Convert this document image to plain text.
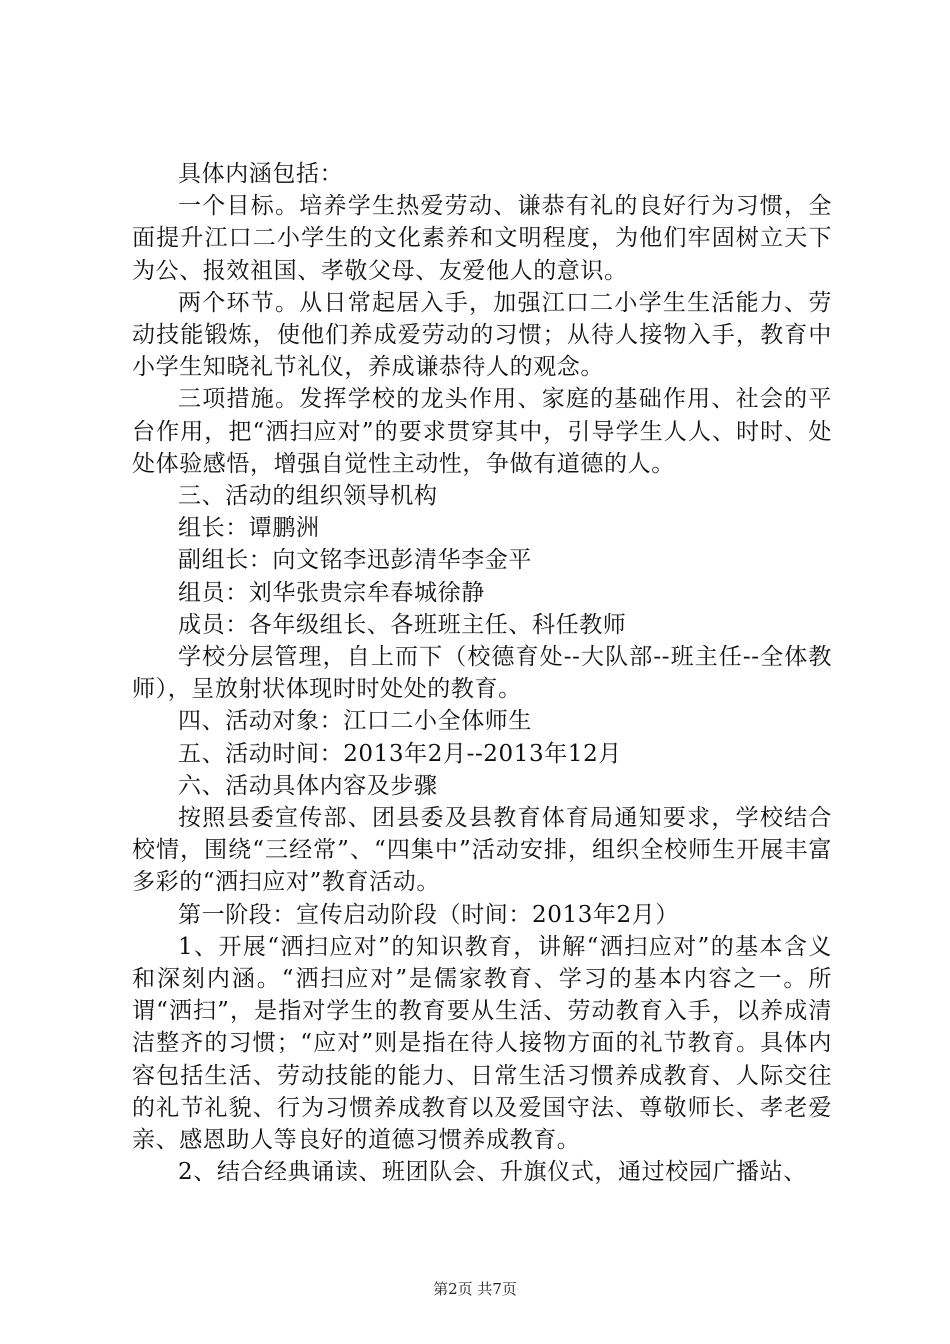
具体内涵包括：

一个目标。培养学生热爱劳动、谦恭有礼的良好行为习惯，全面提升江口二小学生的文化素养和文明程度，为他们牢固树立天下为公、报效祖国、孝敬父母、友爱他人的意识。

两个环节。从日常起居入手，加强江口二小学生生活能力、劳动技能锻炼，使他们养成爱劳动的习惯；从待人接物入手，教育中小学生知晓礼节礼仪，养成谦恭待人的观念。

三项措施。发挥学校的龙头作用、家庭的基础作用、社会的平台作用，把“洒扫应对”的要求贯穿其中，引导学生人人、时时、处处体验感悟，增强自觉性主动性，争做有道德的人。

三、活动的组织领导机构

组长：谭鹏洲

副组长：向文铭李迅彭清华李金平

组员：刘华张贵宗牟春城徐静

成员：各年级组长、各班班主任、科任教师

学校分层管理，自上而下（校德育处--大队部--班主任--全体教师），呈放射状体现时时处处的教育。

四、活动对象：江口二小全体师生

五、活动时间：2013年2月--2013年12月

六、活动具体内容及步骤

按照县委宣传部、团县委及县教育体育局通知要求，学校结合校情，围绕“三经常”、“四集中”活动安排，组织全校师生开展丰富多彩的“洒扫应对”教育活动。

第一阶段：宣传启动阶段（时间：2013年2月）

1、开展“洒扫应对”的知识教育，讲解“洒扫应对”的基本含义和深刻内涵。“洒扫应对”是儒家教育、学习的基本内容之一。所谓“洒扫”，是指对学生的教育要从生活、劳动教育入手，以养成清洁整齐的习惯；“应对”则是指在待人接物方面的礼节教育。具体内容包括生活、劳动技能的能力、日常生活习惯养成教育、人际交往的礼节礼貌、行为习惯养成教育以及爱国守法、尊敬师长、孝老爱亲、感恩助人等良好的道德习惯养成教育。

2、结合经典诵读、班团队会、升旗仪式，通过校园广播站、

第2页 共7页
